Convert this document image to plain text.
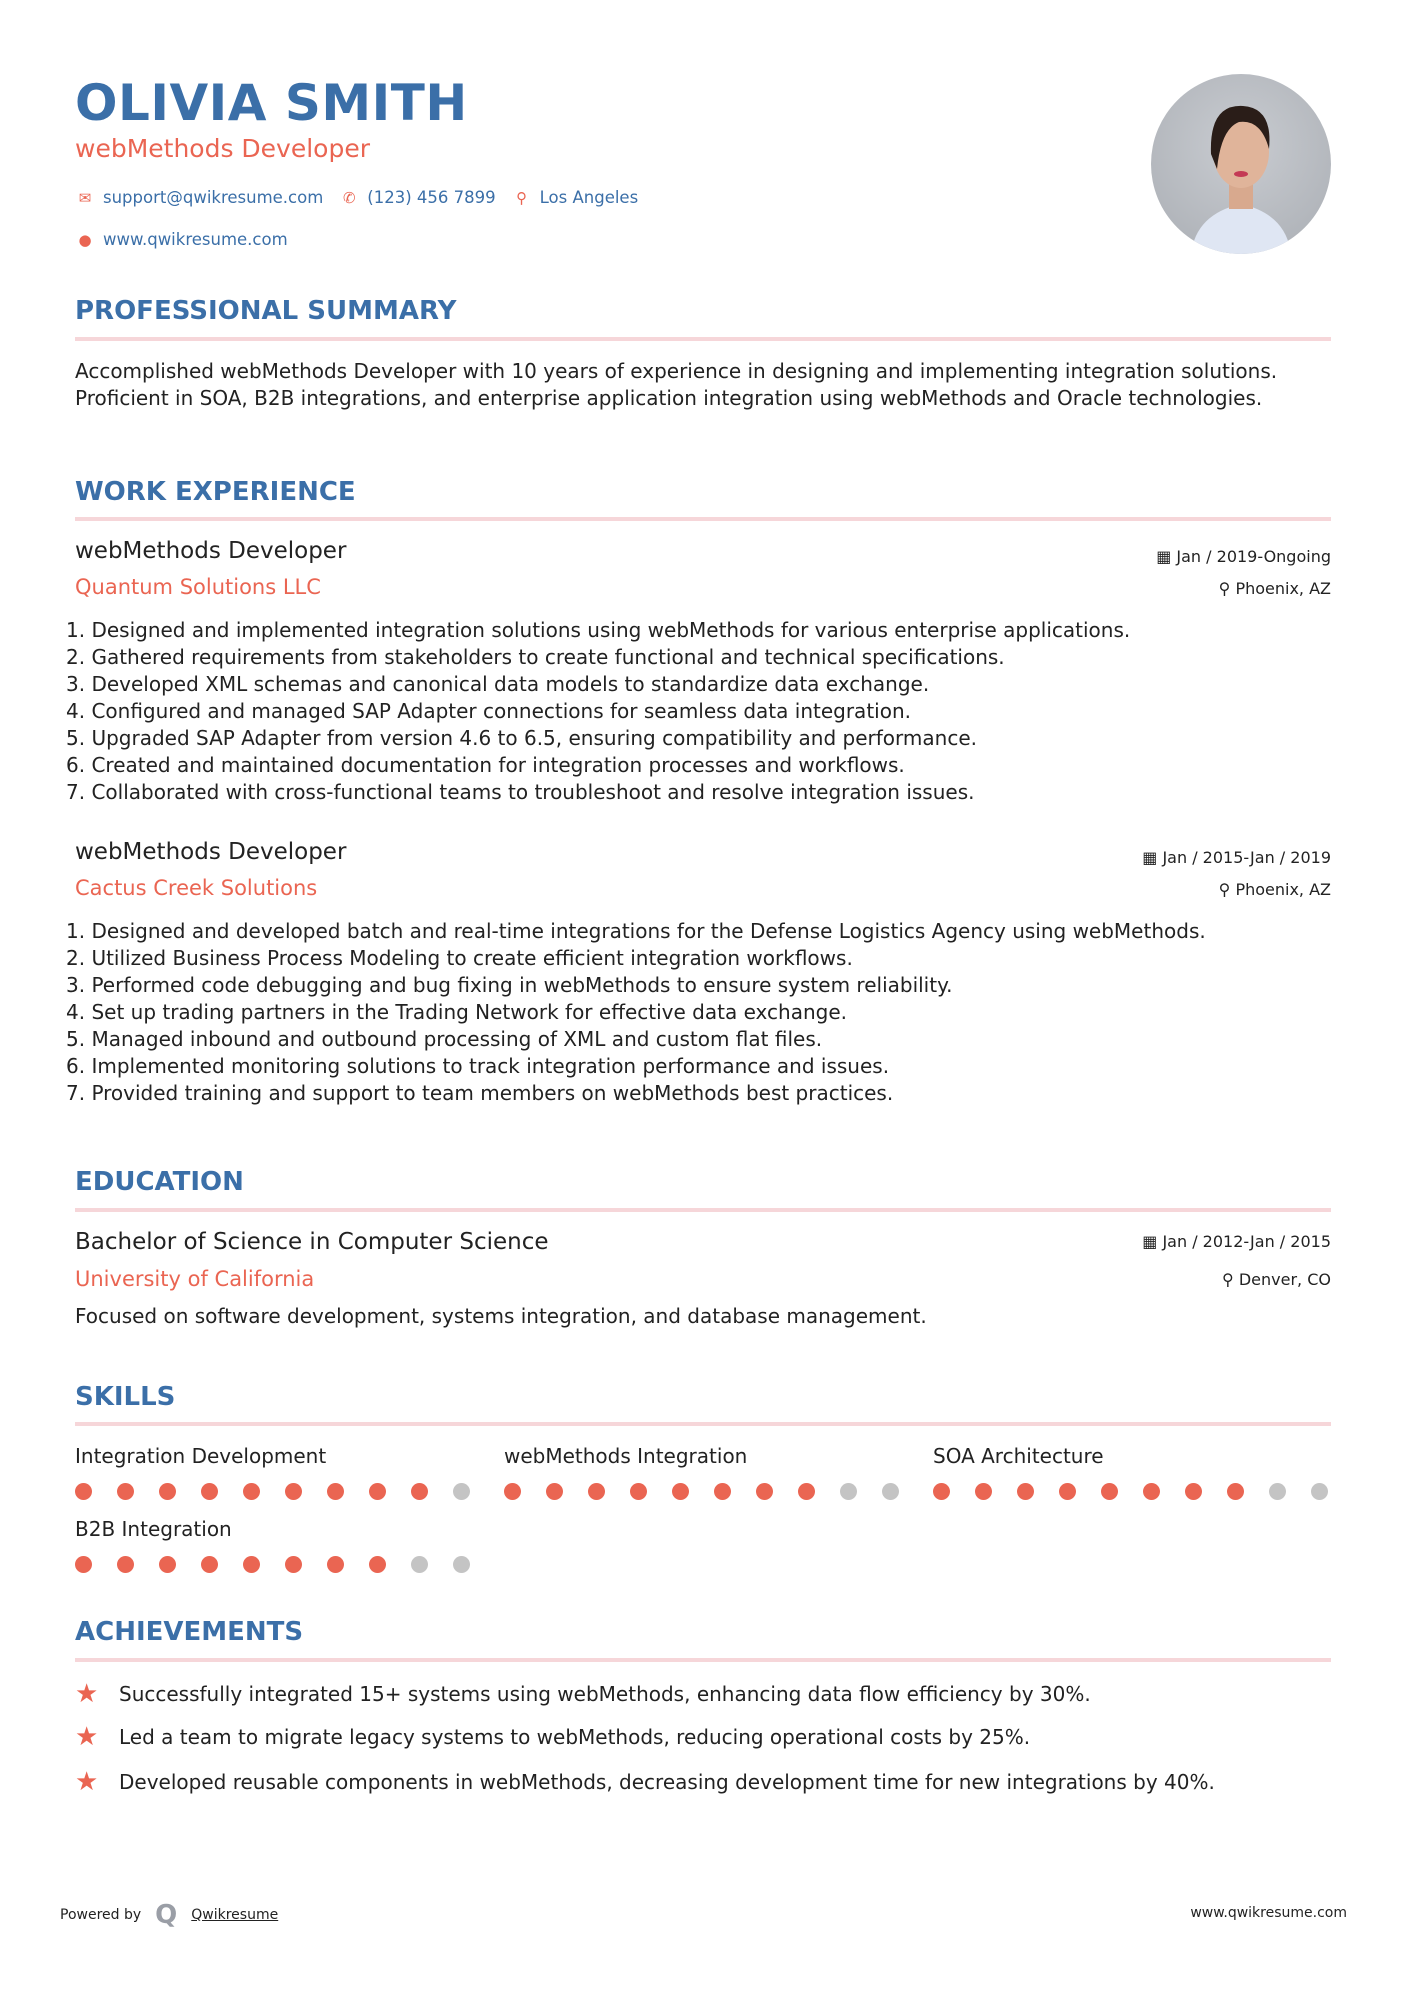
OLIVIA SMITH
webMethods Developer
✉ support@qwikresume.com ✆ (123) 456 7899	⚲ Los Angeles
● www.qwikresume.com
PROFESSIONAL SUMMARY
Accomplished webMethods Developer with 10 years of experience in designing and implementing integration solutions. Proficient in SOA, B2B integrations, and enterprise application integration using webMethods and Oracle technologies.
WORK EXPERIENCE
webMethods Developer	▦ Jan / 2019-Ongoing
Quantum Solutions LLC	⚲ Phoenix, AZ
1. Designed and implemented integration solutions using webMethods for various enterprise applications.
2. Gathered requirements from stakeholders to create functional and technical specifications.
3. Developed XML schemas and canonical data models to standardize data exchange.
4. Configured and managed SAP Adapter connections for seamless data integration.
5. Upgraded SAP Adapter from version 4.6 to 6.5, ensuring compatibility and performance.
6. Created and maintained documentation for integration processes and workflows.
7. Collaborated with cross-functional teams to troubleshoot and resolve integration issues.
webMethods Developer	▦ Jan / 2015-Jan / 2019
Cactus Creek Solutions	⚲ Phoenix, AZ
1. Designed and developed batch and real-time integrations for the Defense Logistics Agency using webMethods.
2. Utilized Business Process Modeling to create efficient integration workflows.
3. Performed code debugging and bug fixing in webMethods to ensure system reliability.
4. Set up trading partners in the Trading Network for effective data exchange.
5. Managed inbound and outbound processing of XML and custom flat files.
6. Implemented monitoring solutions to track integration performance and issues.
7. Provided training and support to team members on webMethods best practices.
EDUCATION
Bachelor of Science in Computer Science	▦ Jan / 2012-Jan / 2015
University of California	⚲ Denver, CO
Focused on software development, systems integration, and database management.
SKILLS
Integration Development	webMethods Integration	SOA Architecture
B2B Integration
ACHIEVEMENTS
★	Successfully integrated 15+ systems using webMethods, enhancing data flow efficiency by 30%.
★	Led a team to migrate legacy systems to webMethods, reducing operational costs by 25%.
★	Developed reusable components in webMethods, decreasing development time for new integrations by 40%.
Powered by Q Qwikresume	www.qwikresume.com
